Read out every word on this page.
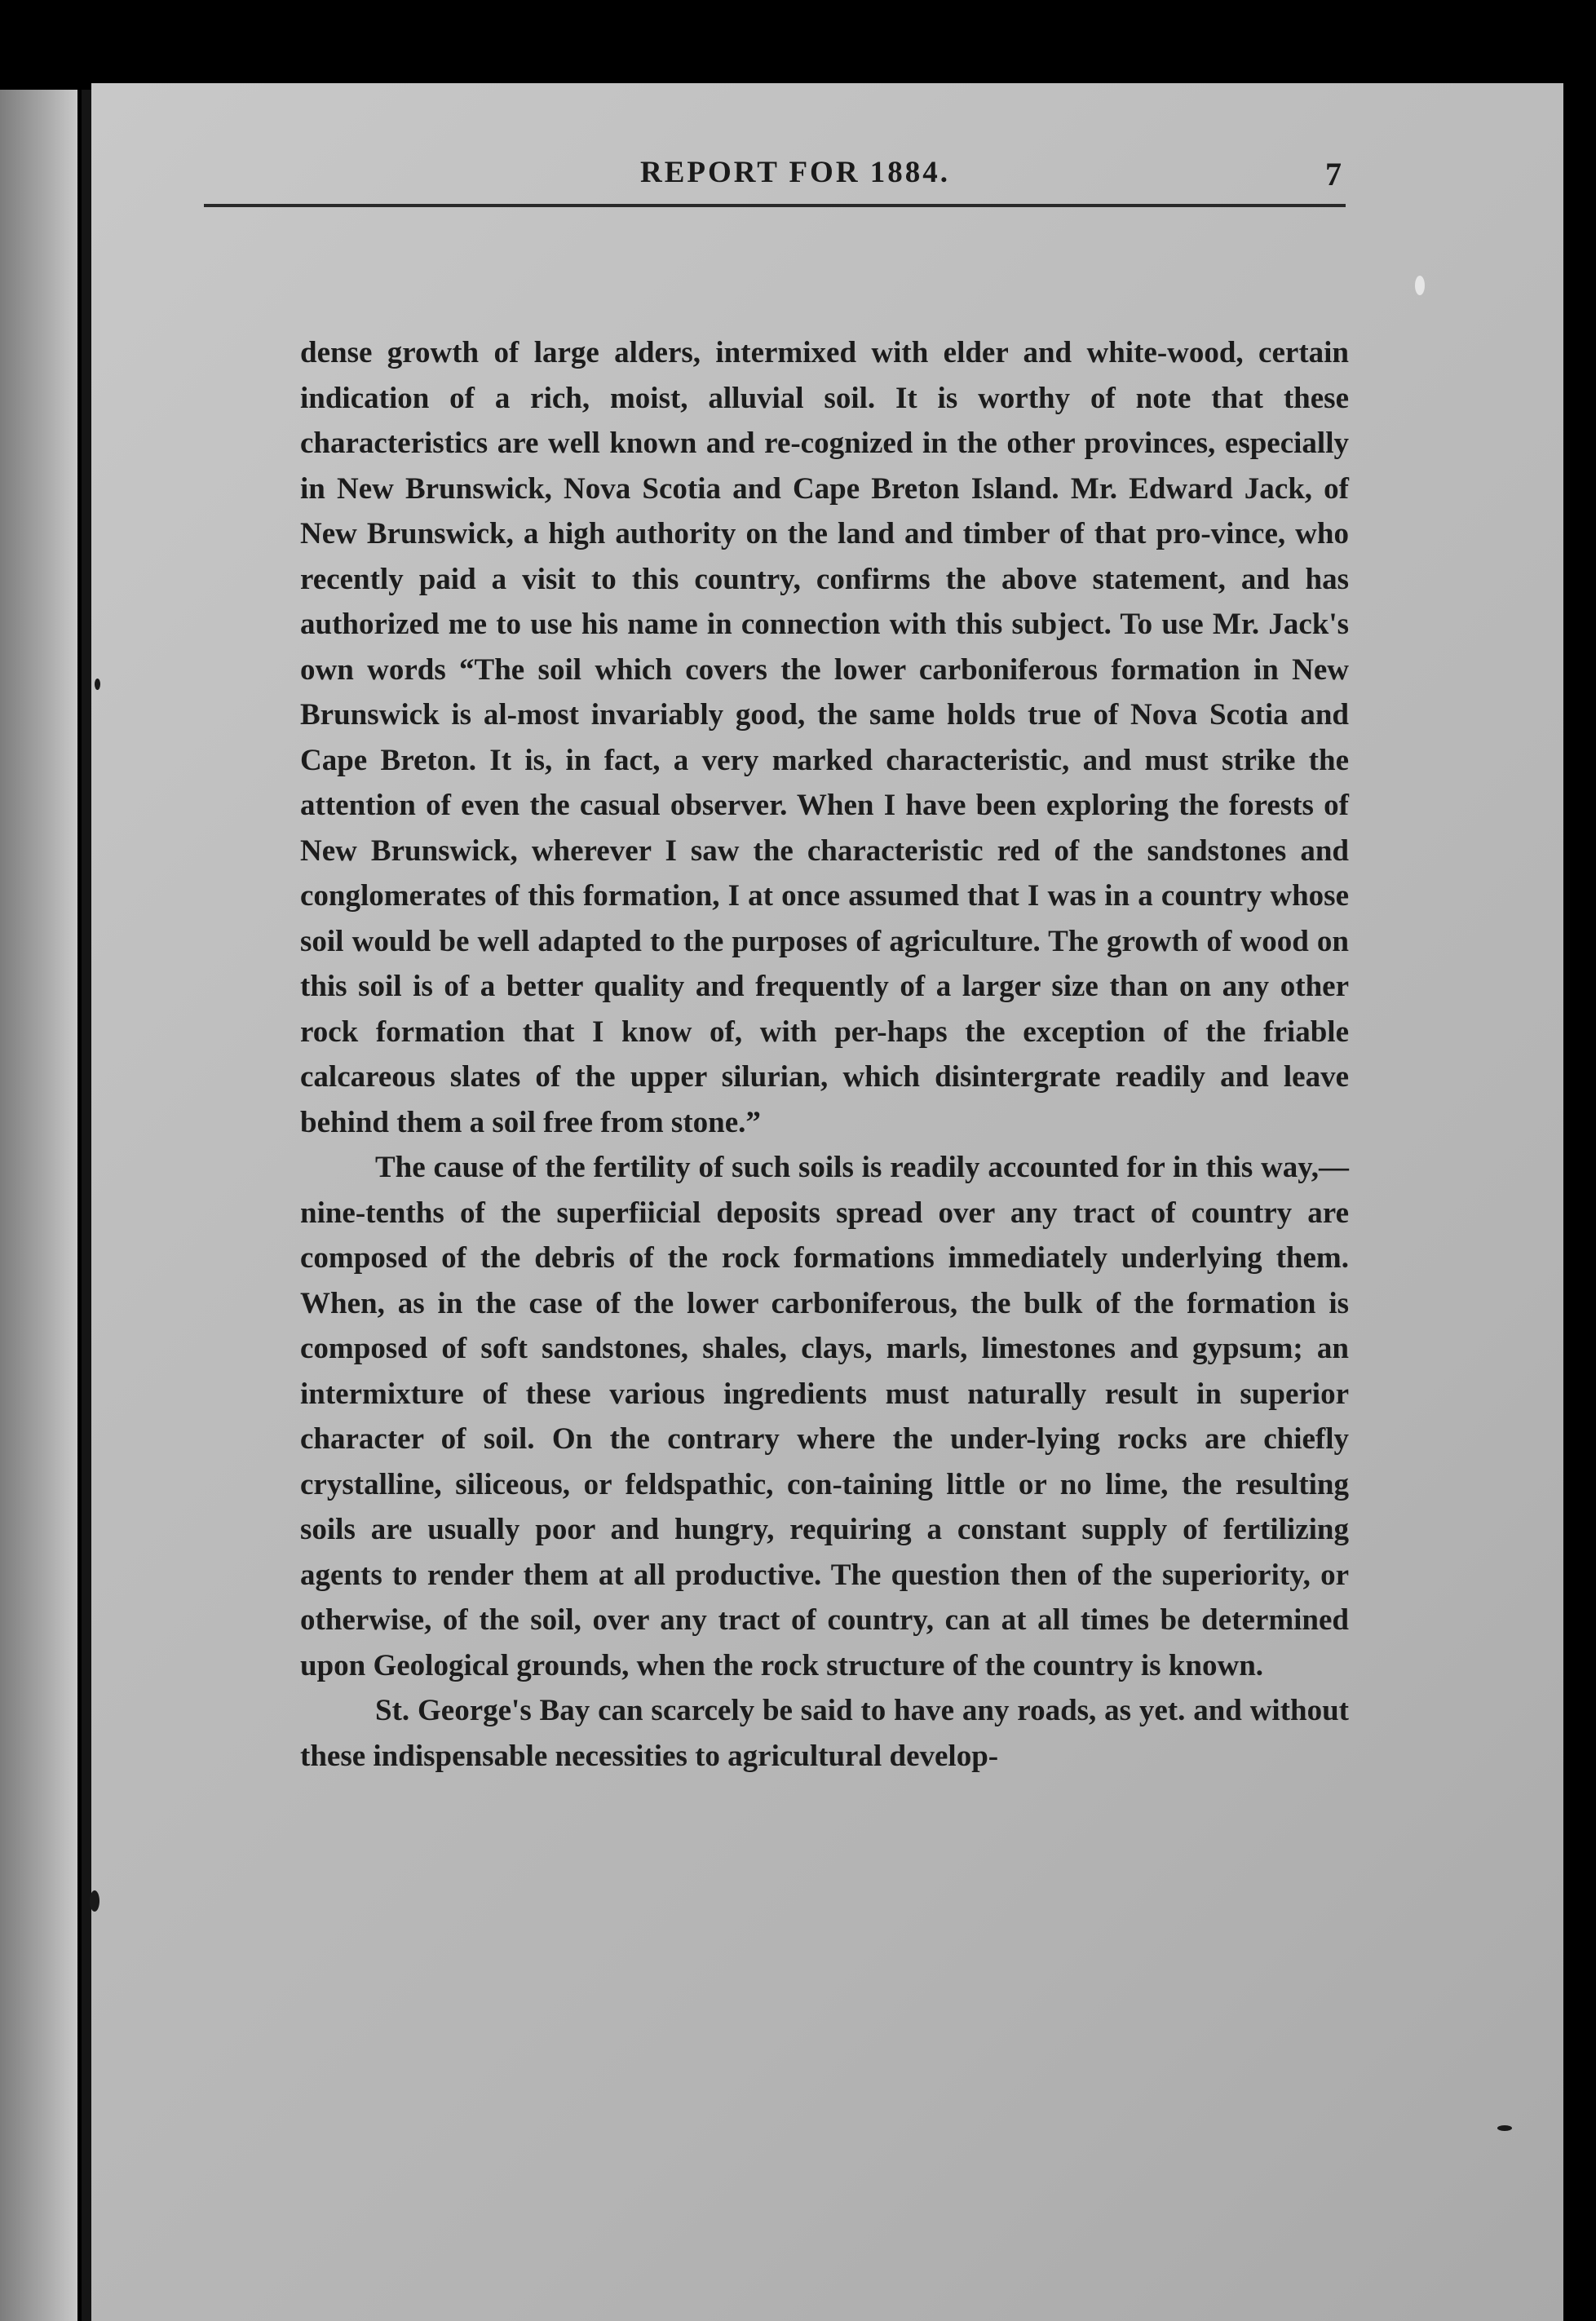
REPORT FOR 1884.	7

dense growth of large alders, intermixed with elder and white-wood, certain indication of a rich, moist, alluvial soil. It is worthy of note that these characteristics are well known and re-cognized in the other provinces, especially in New Brunswick, Nova Scotia and Cape Breton Island. Mr. Edward Jack, of New Brunswick, a high authority on the land and timber of that pro-vince, who recently paid a visit to this country, confirms the above statement, and has authorized me to use his name in connection with this subject. To use Mr. Jack's own words “The soil which covers the lower carboniferous formation in New Brunswick is al-most invariably good, the same holds true of Nova Scotia and Cape Breton. It is, in fact, a very marked characteristic, and must strike the attention of even the casual observer. When I have been exploring the forests of New Brunswick, wherever I saw the characteristic red of the sandstones and conglomerates of this formation, I at once assumed that I was in a country whose soil would be well adapted to the purposes of agriculture. The growth of wood on this soil is of a better quality and frequently of a larger size than on any other rock formation that I know of, with per-haps the exception of the friable calcareous slates of the upper silurian, which disintergrate readily and leave behind them a soil free from stone.”

The cause of the fertility of such soils is readily accounted for in this way,—nine-tenths of the superfiicial deposits spread over any tract of country are composed of the debris of the rock formations immediately underlying them. When, as in the case of the lower carboniferous, the bulk of the formation is composed of soft sandstones, shales, clays, marls, limestones and gypsum; an intermixture of these various ingredients must naturally result in superior character of soil. On the contrary where the under-lying rocks are chiefly crystalline, siliceous, or feldspathic, con-taining little or no lime, the resulting soils are usually poor and hungry, requiring a constant supply of fertilizing agents to render them at all productive. The question then of the superiority, or otherwise, of the soil, over any tract of country, can at all times be determined upon Geological grounds, when the rock structure of the country is known.

St. George's Bay can scarcely be said to have any roads, as yet. and without these indispensable necessities to agricultural develop-
